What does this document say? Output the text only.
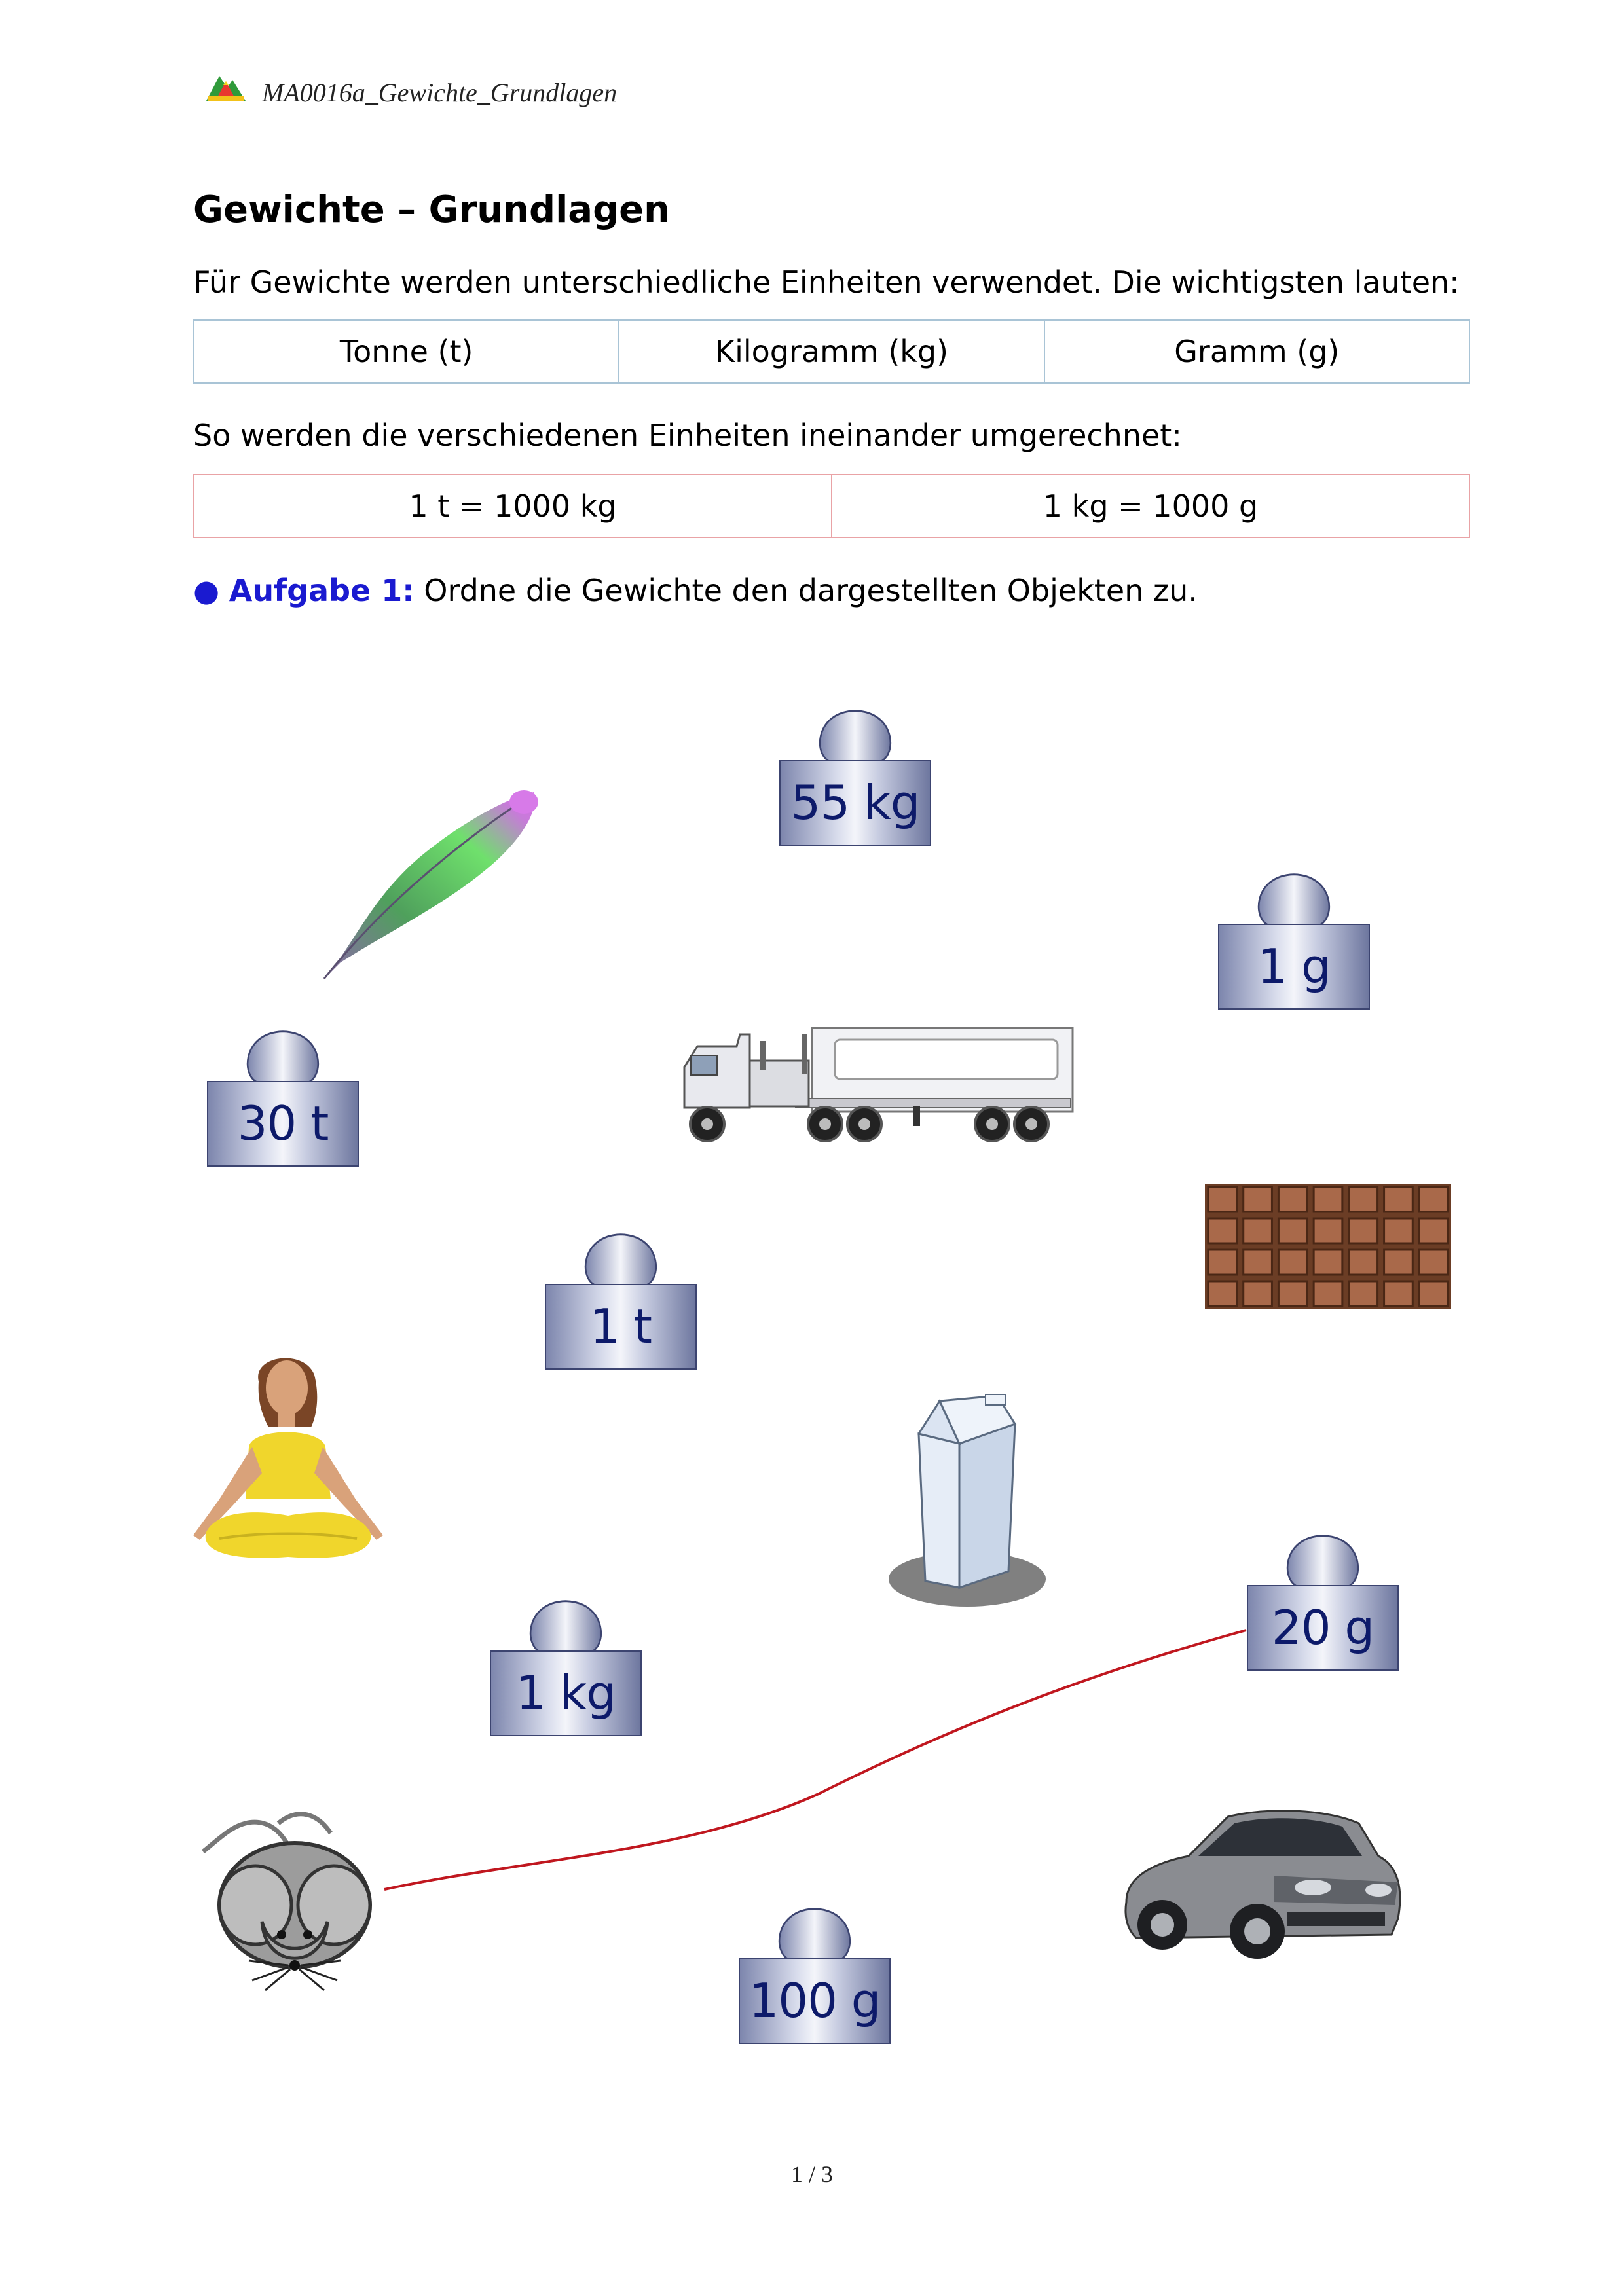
MA0016a_Gewichte_Grundlagen
Gewichte – Grundlagen
Für Gewichte werden unterschiedliche Einheiten verwendet. Die wichtigsten lauten:
Tonne (t)	Kilogramm (kg)	Gramm (g)
So werden die verschiedenen Einheiten ineinander umgerechnet:
1 t = 1000 kg	1 kg = 1000 g
● Aufgabe 1: Ordne die Gewichte den dargestellten Objekten zu.
55 kg
1 g
30 t
1 t
20 g
1 kg
100 g
1 / 3
